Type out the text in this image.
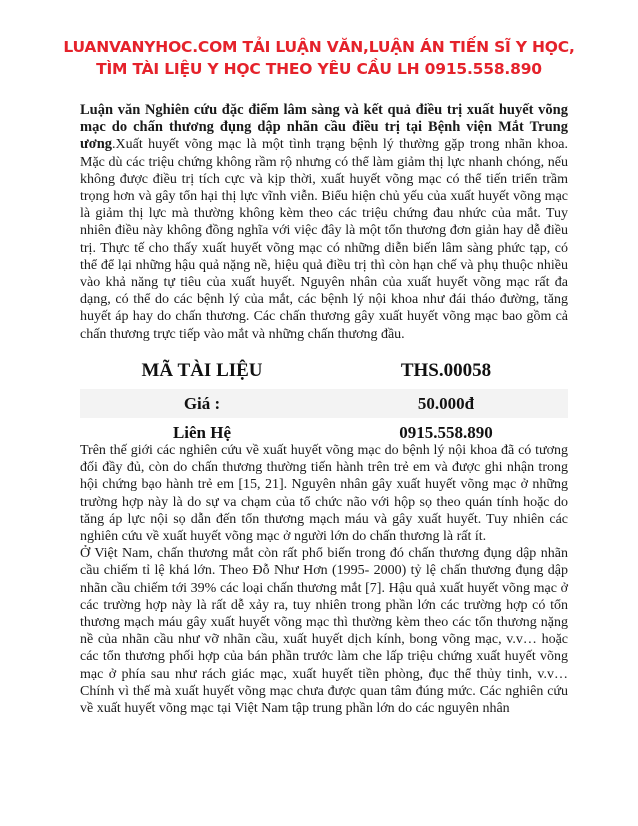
LUANVANYHOC.COM TẢI LUẬN VĂN,LUẬN ÁN TIẾN SĨ Y HỌC,
TÌM TÀI LIỆU Y HỌC THEO YÊU CẦU LH 0915.558.890
Luận văn Nghiên cứu đặc điểm lâm sàng và kết quả điều trị xuất huyết võng mạc do chấn thương đụng dập nhãn cầu điều trị tại Bệnh viện Mắt Trung ương.Xuất huyết võng mạc là một tình trạng bệnh lý thường gặp trong nhãn khoa. Mặc dù các triệu chứng không rầm rộ nhưng có thể làm giảm thị lực nhanh chóng, nếu không được điều trị tích cực và kịp thời, xuất huyết võng mạc có thể tiến triển trầm trọng hơn và gây tổn hại thị lực vĩnh viễn. Biểu hiện chủ yếu của xuất huyết võng mạc là giảm thị lực mà thường không kèm theo các triệu chứng đau nhức của mắt. Tuy nhiên điều này không đồng nghĩa với việc đây là một tổn thương đơn giản hay dễ điều trị. Thực tế cho thấy xuất huyết võng mạc có những diễn biến lâm sàng phức tạp, có thể để lại những hậu quả nặng nề, hiệu quả điều trị thì còn hạn chế và phụ thuộc nhiều vào khả năng tự tiêu của xuất huyết. Nguyên nhân của xuất huyết võng mạc rất đa dạng, có thể do các bệnh lý của mắt, các bệnh lý nội khoa như đái tháo đường, tăng huyết áp hay do chấn thương. Các chấn thương gây xuất huyết võng mạc bao gồm cả chấn thương trực tiếp vào mắt và những chấn thương đầu.
MÃ TÀI LIỆU	THS.00058
Giá :	50.000đ
Liên Hệ	0915.558.890

Trên thế giới các nghiên cứu về xuất huyết võng mạc do bệnh lý nội khoa đã có tương đối đầy đủ, còn do chấn thương thường tiến hành trên trẻ em và được ghi nhận trong hội chứng bạo hành trẻ em [15, 21]. Nguyên nhân gây xuất huyết võng mạc ở những trường hợp này là do sự va chạm của tổ chức não với hộp sọ theo quán tính hoặc do tăng áp lực nội sọ dẫn đến tổn thương mạch máu và gây xuất huyết. Tuy nhiên các nghiên cứu về xuất huyết võng mạc ở người lớn do chấn thương là rất ít.

Ở Việt Nam, chấn thương mắt còn rất phổ biến trong đó chấn thương đụng dập nhãn cầu chiếm tỉ lệ khá lớn. Theo Đỗ Như Hơn (1995- 2000) tỷ lệ chấn thương đụng dập nhãn cầu chiếm tới 39% các loại chấn thương mắt [7]. Hậu quả xuất huyết võng mạc ở các trường hợp này là rất dễ xảy ra, tuy nhiên trong phần lớn các trường hợp có tổn thương mạch máu gây xuất huyết võng mạc thì thường kèm theo các tổn thương nặng nề của nhãn cầu như vỡ nhãn cầu, xuất huyết dịch kính, bong võng mạc, v.v… hoặc các tổn thương phối hợp của bán phần trước làm che lấp triệu chứng xuất huyết võng mạc ở phía sau như rách giác mạc, xuất huyết tiền phòng, đục thể thủy tinh, v.v…

Chính vì thế mà xuất huyết võng mạc chưa được quan tâm đúng mức. Các nghiên cứu về xuất huyết võng mạc tại Việt Nam tập trung phần lớn do các nguyên nhân
